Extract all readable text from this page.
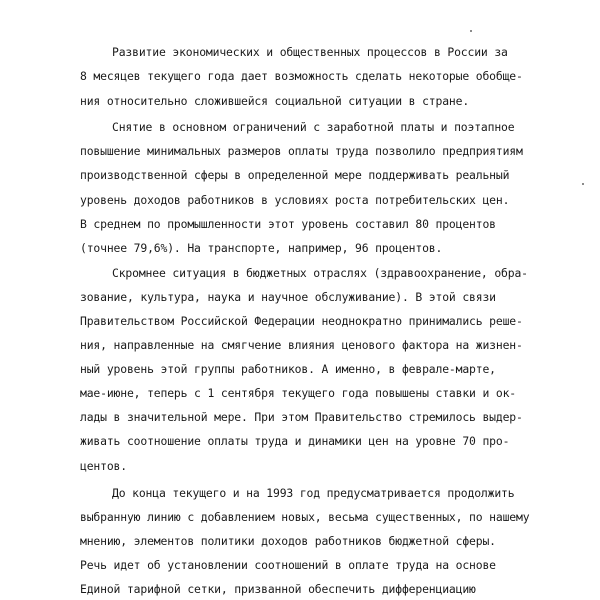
Развитие экономических и общественных процессов в России за
8 месяцев текущего года дает возможность сделать некоторые обобще-
ния относительно сложившейся социальной ситуации в стране.
Снятие в основном ограничений с заработной платы и поэтапное
повышение минимальных размеров оплаты труда позволило предприятиям
производственной сферы в определенной мере поддерживать реальный
уровень доходов работников в условиях роста потребительских цен.
В среднем по промышленности этот уровень составил 80 процентов
(точнее 79,6%). На транспорте, например, 96 процентов.
Скромнее ситуация в бюджетных отраслях (здравоохранение, обра-
зование, культура, наука и научное обслуживание). В этой связи
Правительством Российской Федерации неоднократно принимались реше-
ния, направленные на смягчение влияния ценового фактора на жизнен-
ный уровень этой группы работников. А именно, в феврале-марте,
мае-июне, теперь с 1 сентября текущего года повышены ставки и ок-
лады в значительной мере. При этом Правительство стремилось выдер-
живать соотношение оплаты труда и динамики цен на уровне 70 про-
центов.
До конца текущего и на 1993 год предусматривается продолжить
выбранную линию с добавлением новых, весьма существенных, по нашему
мнению, элементов политики доходов работников бюджетной сферы.
Речь идет об установлении соотношений в оплате труда на основе
Единой тарифной сетки, призванной обеспечить дифференциацию
